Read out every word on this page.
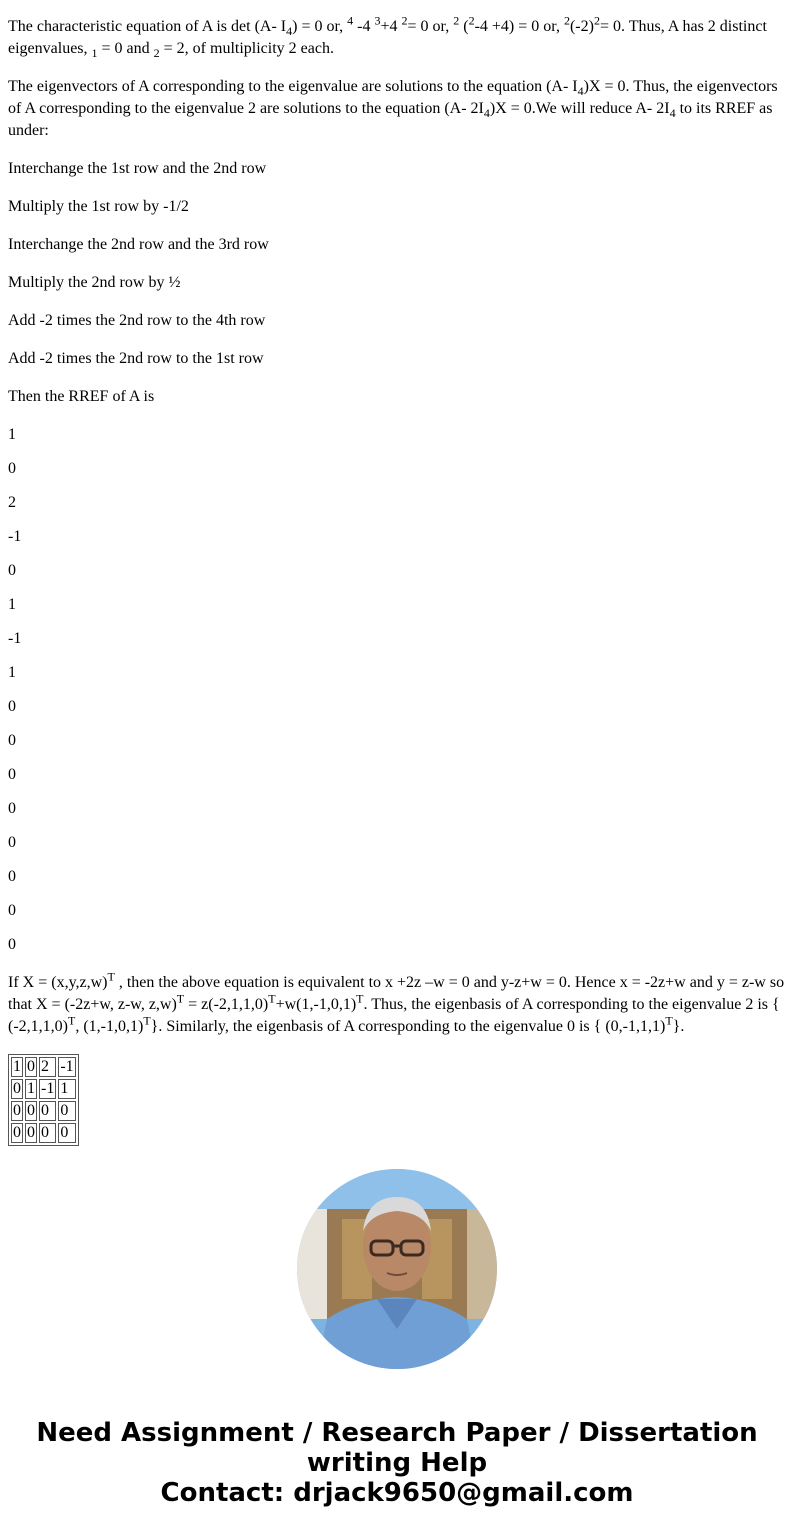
The characteristic equation of A is det (A- $I_4) = 0$ or, $^4$ -4 $^3$+4 $^2$= 0 or, $^2$ ($^2$-4 +4) = 0 or, $^2(-2)^2= 0$. Thus, A has 2 distinct eigenvalues, $_1$ = 0 and $_2$ = 2, of multiplicity 2 each.

The eigenvectors of A corresponding to the eigenvalue are solutions to the equation (A- $I_4)X = 0$. Thus, the eigenvectors of A corresponding to the eigenvalue 2 are solutions to the equation (A- $2I_4)X = 0.We$ will reduce A- $2I_4$ to its RREF as under:

Interchange the 1st row and the 2nd row

Multiply the 1st row by -1/2

Interchange the 2nd row and the 3rd row

Multiply the 2nd row by ½

Add -2 times the 2nd row to the 4th row

Add -2 times the 2nd row to the 1st row

Then the RREF of A is

1

0

2

-1

0

1

-1

1

0

0

0

0

0

0

0

0

If $X = (x,y,z,w)^T$ , then the above equation is equivalent to x +2z –w = 0 and y-z+w = 0. Hence x = -2z+w and y = z-w so that X = (-2z+w, z-w, $z,w)^T = z(-2,1,1,0)^T+w(1,-1,0,1)^T$. Thus, the eigenbasis of A corresponding to the eigenvalue 2 is { $(-2,1,1,0)^T$, $(1,-1,0,1)^T$}. Similarly, the eigenbasis of A corresponding to the eigenvalue 0 is { $(0,-1,1,1)^T$}.

1	0	2	-1
0	1	-1	1
0	0	0	0
0	0	0	0
Need Assignment / Research Paper / Dissertation
writing Help
Contact: drjack9650@gmail.com
